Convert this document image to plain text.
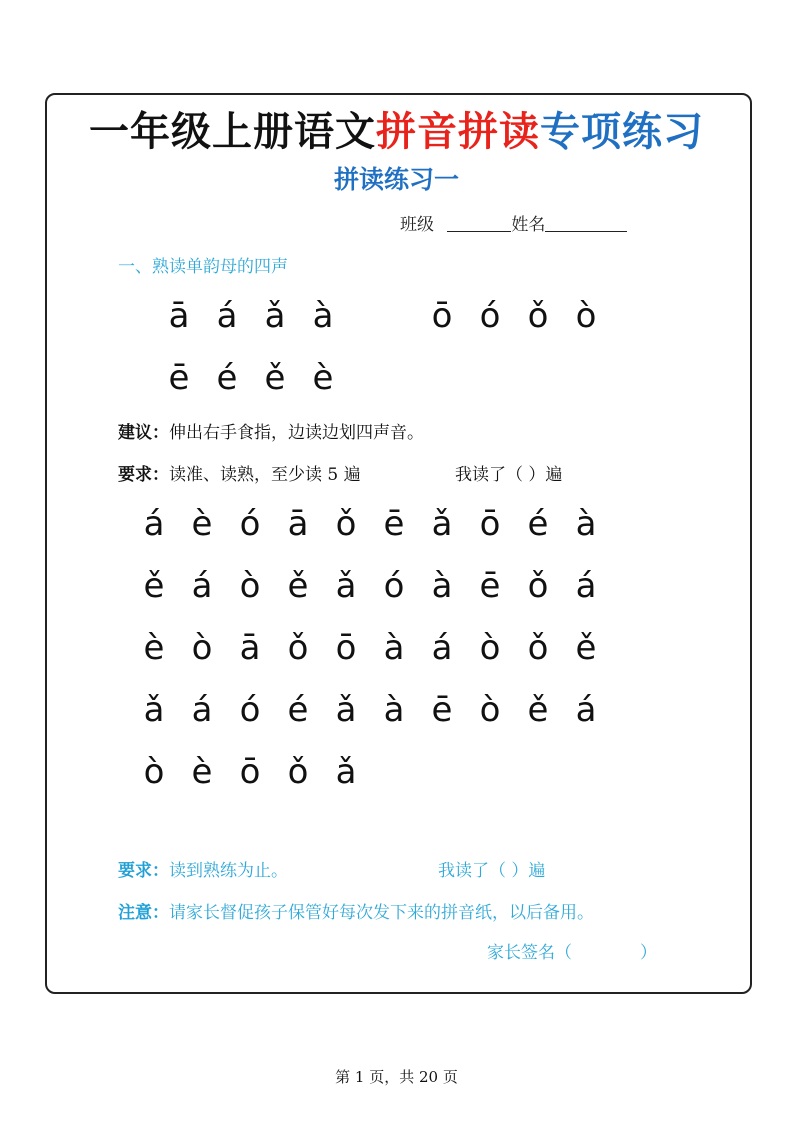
一年级上册语文拼音拼读专项练习
拼读练习一
班级	姓名
一、熟读单韵母的四声
ā á ǎ à	ō ó ǒ ò
ē é ě è
建议：伸出右手食指，边读边划四声音。
要求：读准、读熟，至少读 5 遍	我读了（ ）遍
á è ó ā ǒ ē ǎ ō é à
ě á ò ě ǎ ó à ē ǒ á
è ò ā ǒ ō à á ò ǒ ě
ǎ á ó é ǎ à ē ò ě á
ò è ō ǒ ǎ
要求：读到熟练为止。	我读了（ ）遍
注意：请家长督促孩子保管好每次发下来的拼音纸，以后备用。
家长签名（　　　　）
第 1 页，共 20 页
